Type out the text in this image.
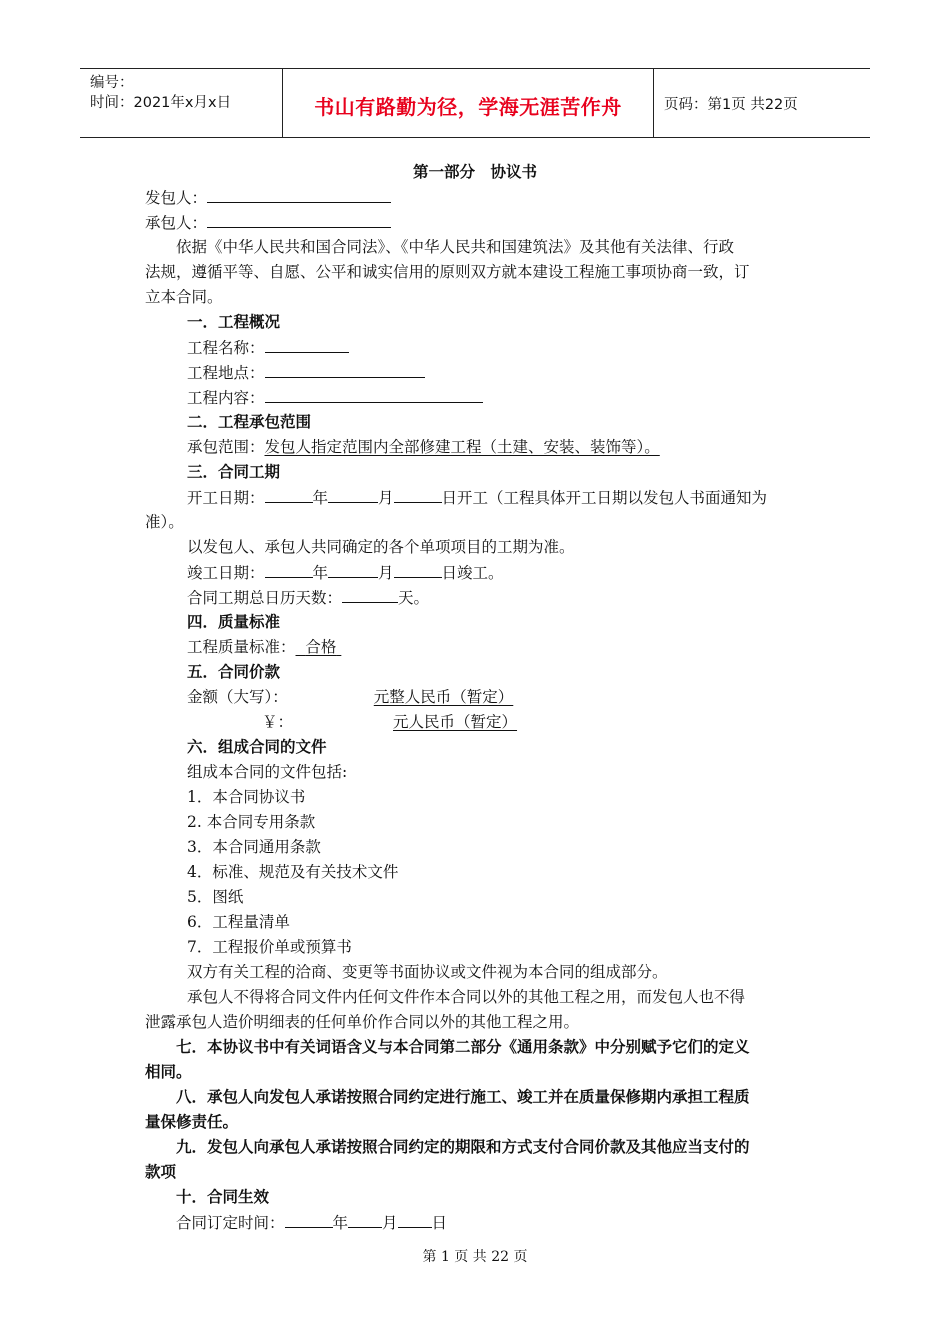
编号：
时间：2021年x月x日	书山有路勤为径，学海无涯苦作舟	页码：第1页 共22页
第一部分　协议书
发包人：
承包人：
依据《中华人民共和国合同法》、《中华人民共和国建筑法》及其他有关法律、行政
法规，遵循平等、自愿、公平和诚实信用的原则双方就本建设工程施工事项协商一致，订
立本合同。
一．工程概况
工程名称：
工程地点：
工程内容：
二．工程承包范围
承包范围：发包人指定范围内全部修建工程（土建、安装、装饰等）。
三．合同工期
开工日期：	年	月	日开工（工程具体开工日期以发包人书面通知为
准）。
以发包人、承包人共同确定的各个单项项目的工期为准。
竣工日期：	年	月	日竣工。
合同工期总日历天数：	天。
四．质量标准
工程质量标准： 合格
五．合同价款
金额（大写）：	元整人民币（暂定）
￥：	元人民币（暂定）
六．组成合同的文件
组成本合同的文件包括:
1．本合同协议书
2. 本合同专用条款
3．本合同通用条款
4．标准、规范及有关技术文件
5．图纸
6．工程量清单
7．工程报价单或预算书
双方有关工程的洽商、变更等书面协议或文件视为本合同的组成部分。
承包人不得将合同文件内任何文件作本合同以外的其他工程之用，而发包人也不得
泄露承包人造价明细表的任何单价作合同以外的其他工程之用。
七．本协议书中有关词语含义与本合同第二部分《通用条款》中分别赋予它们的定义
相同。
八．承包人向发包人承诺按照合同约定进行施工、竣工并在质量保修期内承担工程质
量保修责任。
九．发包人向承包人承诺按照合同约定的期限和方式支付合同价款及其他应当支付的
款项
十．合同生效
合同订定时间：	年 月 日
第 1 页 共 22 页
